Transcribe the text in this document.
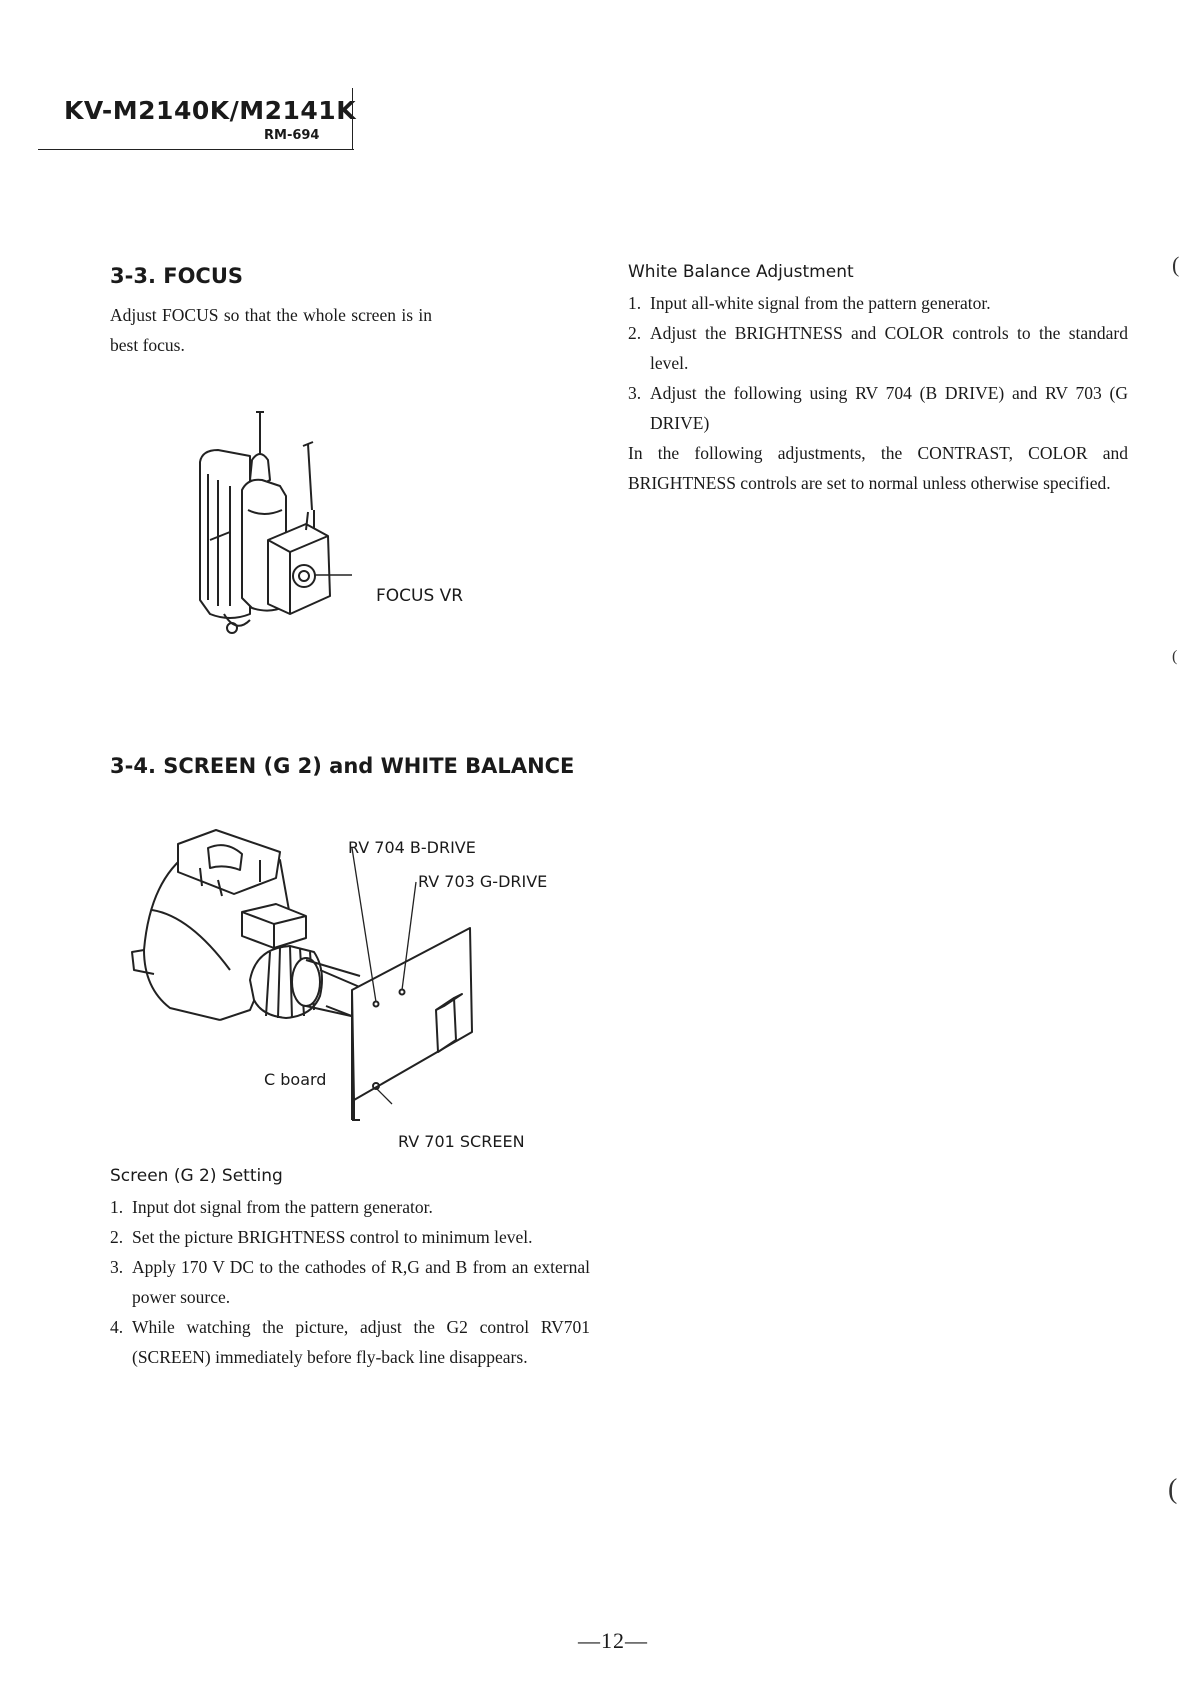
KV-M2140K/M2141K
RM-694
3-3. FOCUS
Adjust FOCUS so that the whole screen is in best focus.
FOCUS VR
3-4. SCREEN (G 2) and WHITE BALANCE
RV 704 B-DRIVE
RV 703 G-DRIVE
C board
RV 701 SCREEN
Screen (G 2) Setting
1. Input dot signal from the pattern generator.
2. Set the picture BRIGHTNESS control to minimum level.
3. Apply 170 V DC to the cathodes of R,G and B from an external power source.
4. While watching the picture, adjust the G2 control RV701 (SCREEN) immediately before fly-back line disappears.
White Balance Adjustment
1. Input all-white signal from the pattern generator.
2. Adjust the BRIGHTNESS and COLOR controls to the standard level.
3. Adjust the following using RV 704 (B DRIVE) and RV 703 (G DRIVE)
In the following adjustments, the CONTRAST, COLOR and BRIGHTNESS controls are set to normal unless otherwise specified.
(
(
(
—12—
